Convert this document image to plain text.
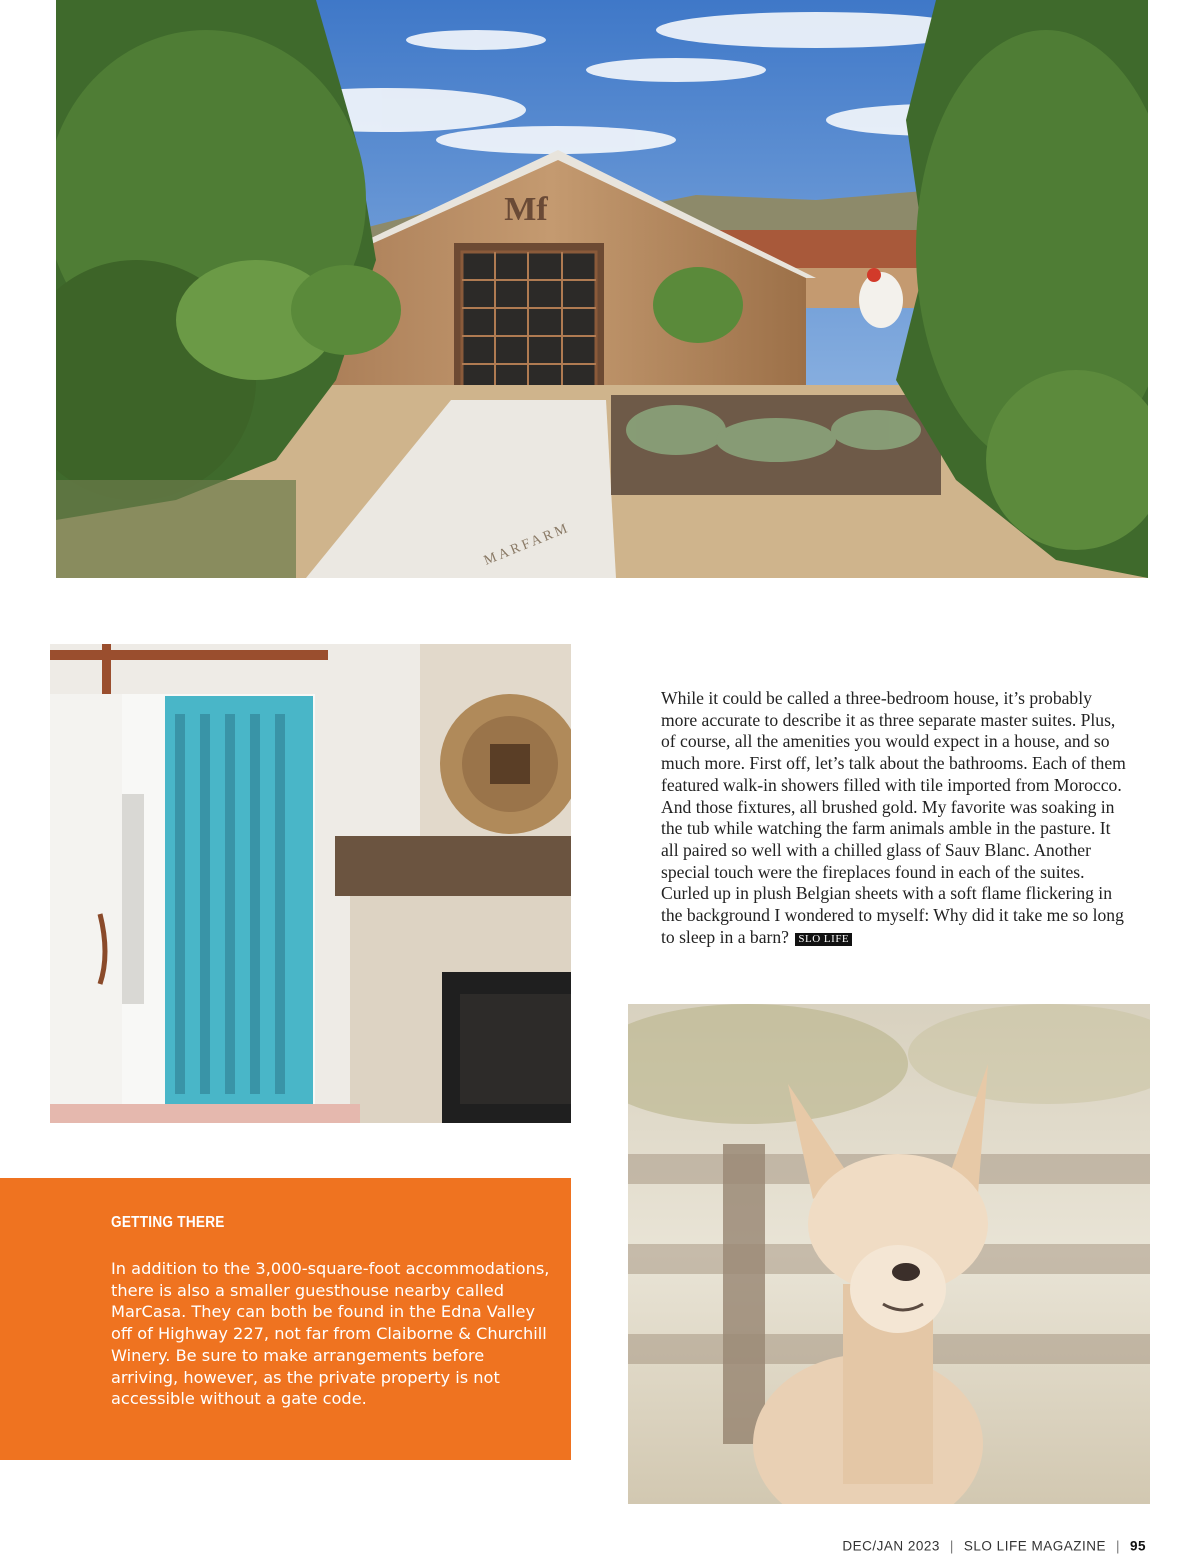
Mf
MARFARM

While it could be called a three-bedroom house, it’s probably more accurate to describe it as three separate master suites. Plus, of course, all the amenities you would expect in a house, and so much more. First off, let’s talk about the bathrooms. Each of them featured walk-in showers filled with tile imported from Morocco. And those fixtures, all brushed gold. My favorite was soaking in the tub while watching the farm animals amble in the pasture. It all paired so well with a chilled glass of Sauv Blanc. Another special touch were the fireplaces found in each of the suites. Curled up in plush Belgian sheets with a soft flame flickering in the background I wondered to myself: Why did it take me so long to sleep in a barn? SLO LIFE

GETTING THERE

In addition to the 3,000-square-foot accommodations, there is also a smaller guesthouse nearby called MarCasa. They can both be found in the Edna Valley off of Highway 227, not far from Claiborne & Churchill Winery. Be sure to make arrangements before arriving, however, as the private property is not accessible without a gate code.

DEC/JAN 2023 | SLO LIFE MAGAZINE | 95
